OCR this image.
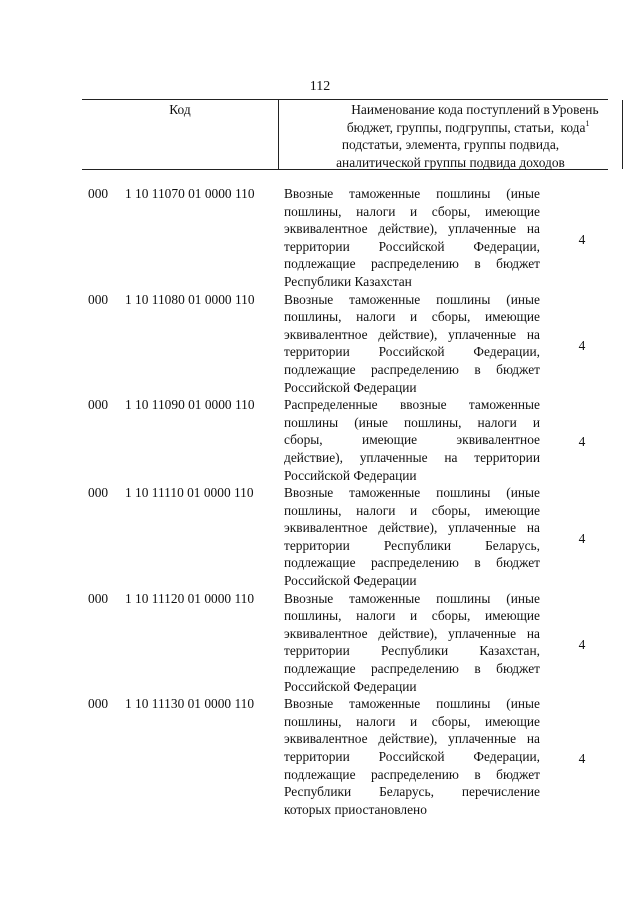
112
Код	Наименование кода поступлений в
бюджет, группы, подгруппы, статьи,
подстатьи, элемента, группы подвида,
аналитической группы подвида доходов
Уровень
кода$^1$
000 1 10 11070 01 0000 110 Ввозные таможенные пошлины (иные
пошлины, налоги и сборы, имеющие
эквивалентное действие), уплаченные на
территории Российской Федерации,
подлежащие распределению в бюджет
Республики Казахстан
4
000 1 10 11080 01 0000 110 Ввозные таможенные пошлины (иные
пошлины, налоги и сборы, имеющие
эквивалентное действие), уплаченные на
территории Российской Федерации,
подлежащие распределению в бюджет
Российской Федерации
4
000 1 10 11090 01 0000 110 Распределенные ввозные таможенные
пошлины (иные пошлины, налоги и
сборы, имеющие эквивалентное
действие), уплаченные на территории
Российской Федерации
4
000 1 10 11110 01 0000 110 Ввозные таможенные пошлины (иные
пошлины, налоги и сборы, имеющие
эквивалентное действие), уплаченные на
территории Республики Беларусь,
подлежащие распределению в бюджет
Российской Федерации
4
000 1 10 11120 01 0000 110 Ввозные таможенные пошлины (иные
пошлины, налоги и сборы, имеющие
эквивалентное действие), уплаченные на
территории Республики Казахстан,
подлежащие распределению в бюджет
Российской Федерации
4
000 1 10 11130 01 0000 110 Ввозные таможенные пошлины (иные
пошлины, налоги и сборы, имеющие
эквивалентное действие), уплаченные на
территории Российской Федерации,
подлежащие распределению в бюджет
Республики Беларусь, перечисление
которых приостановлено
4
